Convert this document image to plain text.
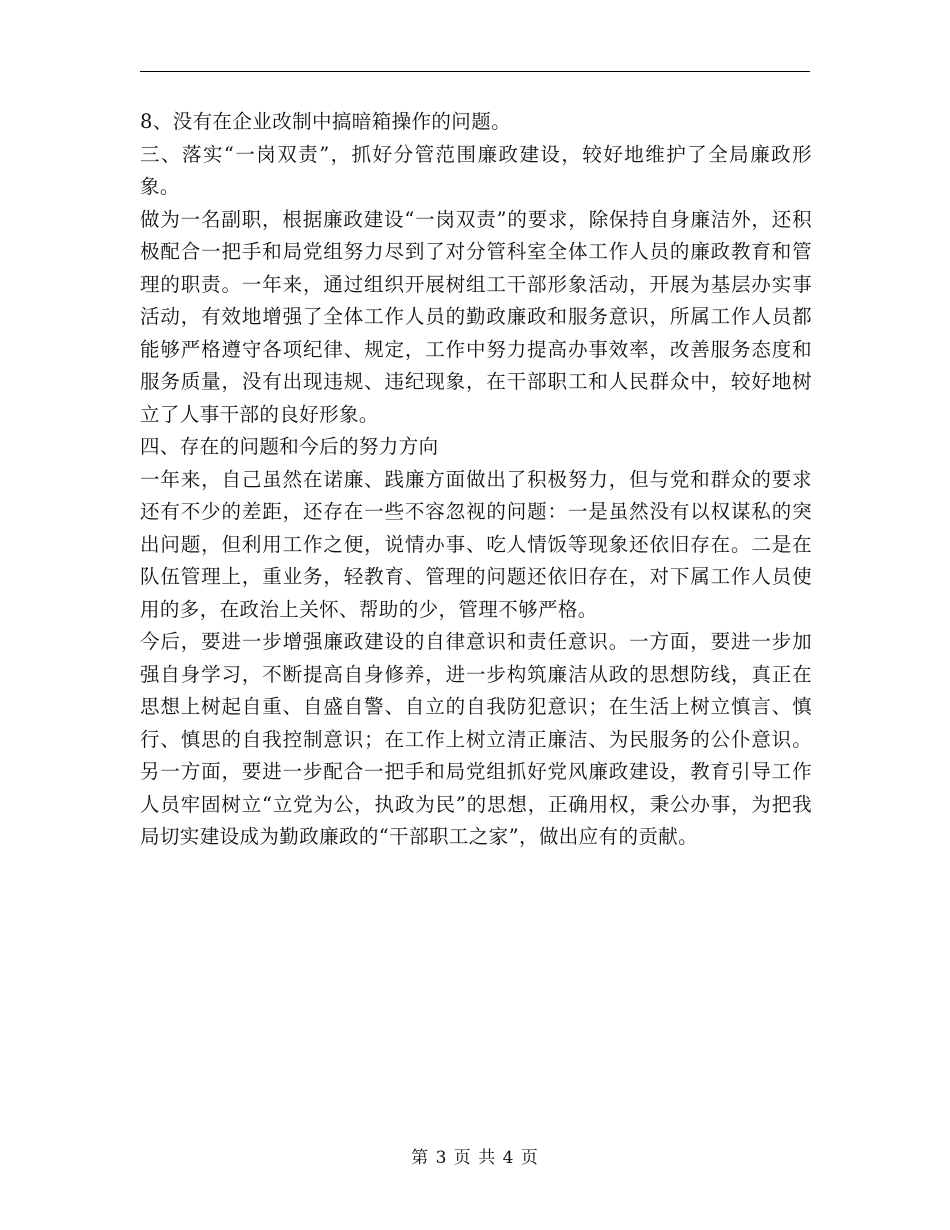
8、没有在企业改制中搞暗箱操作的问题。

三、落实“一岗双责”，抓好分管范围廉政建设，较好地维护了全局廉政形象。

做为一名副职，根据廉政建设“一岗双责”的要求，除保持自身廉洁外，还积极配合一把手和局党组努力尽到了对分管科室全体工作人员的廉政教育和管理的职责。一年来，通过组织开展树组工干部形象活动，开展为基层办实事活动，有效地增强了全体工作人员的勤政廉政和服务意识，所属工作人员都能够严格遵守各项纪律、规定，工作中努力提高办事效率，改善服务态度和服务质量，没有出现违规、违纪现象，在干部职工和人民群众中，较好地树立了人事干部的良好形象。

四、存在的问题和今后的努力方向

一年来，自己虽然在诺廉、践廉方面做出了积极努力，但与党和群众的要求还有不少的差距，还存在一些不容忽视的问题：一是虽然没有以权谋私的突出问题，但利用工作之便，说情办事、吃人情饭等现象还依旧存在。二是在队伍管理上，重业务，轻教育、管理的问题还依旧存在，对下属工作人员使用的多，在政治上关怀、帮助的少，管理不够严格。

今后，要进一步增强廉政建设的自律意识和责任意识。一方面，要进一步加强自身学习，不断提高自身修养，进一步构筑廉洁从政的思想防线，真正在思想上树起自重、自盛自警、自立的自我防犯意识；在生活上树立慎言、慎行、慎思的自我控制意识；在工作上树立清正廉洁、为民服务的公仆意识。另一方面，要进一步配合一把手和局党组抓好党风廉政建设，教育引导工作人员牢固树立“立党为公，执政为民”的思想，正确用权，秉公办事，为把我局切实建设成为勤政廉政的“干部职工之家”，做出应有的贡献。

第 3 页 共 4 页
